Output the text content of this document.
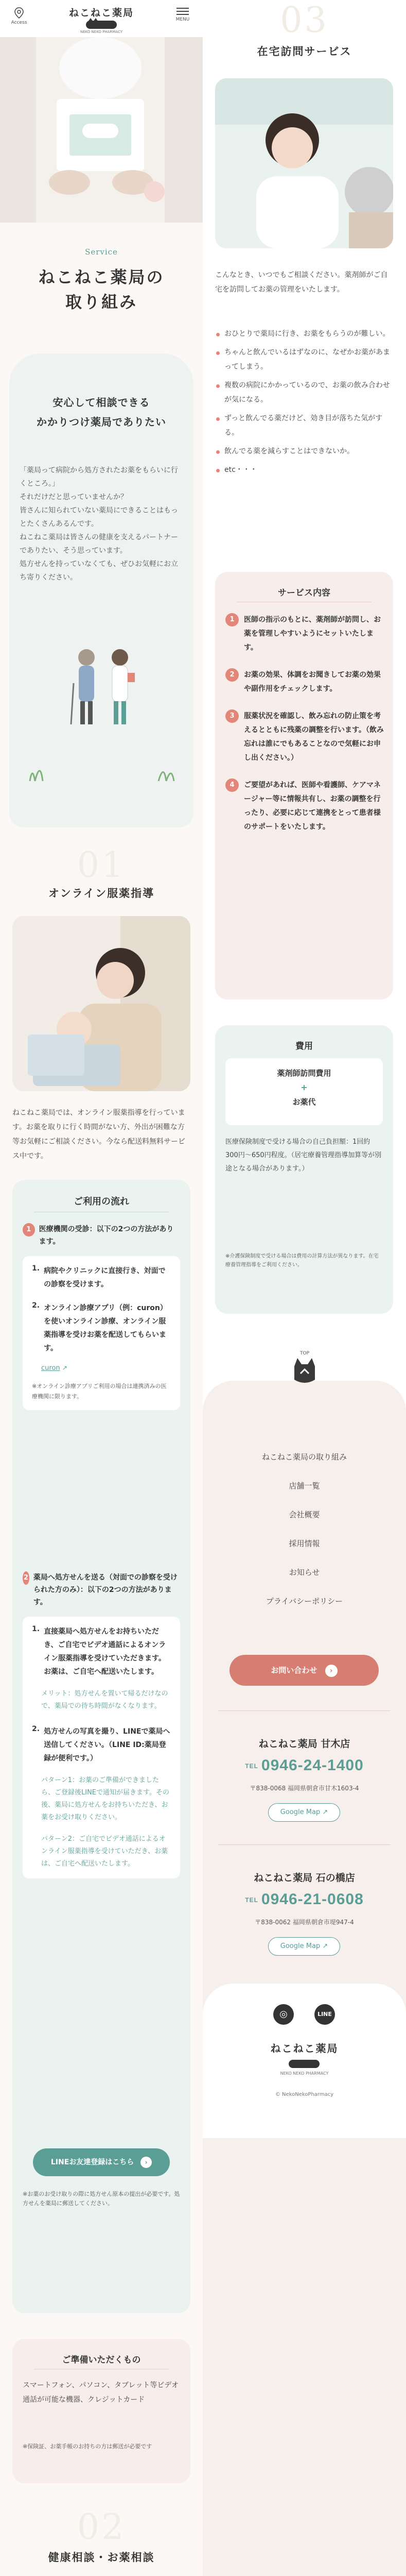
Access
ねこねこ薬局
NEKO NEKO PHARMACY
MENU
Service
ねこねこ薬局の
取り組み
安心して相談できる
かかりつけ薬局でありたい

「薬局って病院から処方されたお薬をもらいに行くところ。」

それだけだと思っていませんか？

皆さんに知られていない薬局にできることはもっとたくさんあるんです。

ねこねこ薬局は皆さんの健康を支えるパートナーでありたい、そう思っています。

処方せんを持っていなくても、ぜひお気軽にお立ち寄りください。

01
オンライン服薬指導
ねこねこ薬局では、オンライン服薬指導を行っています。お薬を取りに行く時間がない方、外出が困難な方等お気軽にご相談ください。今なら配送料無料サービス中です。
ご利用の流れ
1	医療機関の受診：以下の2つの方法があります。
1. 病院やクリニックに直接行き、対面での診察を受けます。
2. オンライン診療アプリ（例：curon）を使いオンライン診療、オンライン服薬指導を受けお薬を配送してもらいます。
curon ↗
※オンライン診療アプリご利用の場合は連携済みの医療機関に限ります。
2 薬局へ処方せんを送る（対面での診察を受けられた方のみ）：以下の2つの方法があります。
1. 直接薬局へ処方せんをお持ちいただき、ご自宅でビデオ通話によるオンライン服薬指導を受けていただきます。お薬は、ご自宅へ配送いたします。
メリット：処方せんを置いて帰るだけなので、薬局での待ち時間がなくなります。
2. 処方せんの写真を撮り、LINEで薬局へ送信してください。（LINE ID:薬局登録が便利です。）
パターン1：お薬のご準備ができましたら、ご登録後LINEで通知が届きます。その後、薬局に処方せんをお持ちいただき、お薬をお受け取りください。
パターン2：ご自宅でビデオ通話によるオンライン服薬指導を受けていただき、お薬は、ご自宅へ配送いたします。
LINEお友達登録はこちら ›
※お薬のお受け取りの際に処方せん原本の提出が必要です。処方せんを薬局に郵送してください。
ご準備いただくもの
スマートフォン、パソコン、タブレット等ビデオ通話が可能な機器、クレジットカード
※保険証、お薬手帳のお持ちの方は郵送が必要です
02
健康相談・お薬相談
03
在宅訪問サービス
こんなとき、いつでもご相談ください。薬剤師がご自宅を訪問してお薬の管理をいたします。
おひとりで薬局に行き、お薬をもらうのが難しい。
ちゃんと飲んでいるはずなのに、なぜかお薬があまってしまう。
複数の病院にかかっているので、お薬の飲み合わせが気になる。
ずっと飲んでる薬だけど、効き目が落ちた気がする。
飲んでる薬を減らすことはできないか。
etc・・・
サービス内容
1	医師の指示のもとに、薬剤師が訪問し、お薬を管理しやすいようにセットいたします。
2	お薬の効果、体調をお聞きしてお薬の効果や副作用をチェックします。
3	服薬状況を確認し、飲み忘れの防止策を考えるとともに残薬の調整を行います。（飲み忘れは誰にでもあることなので気軽にお申し出ください。）
4	ご要望があれば、医師や看護師、ケアマネージャー等に情報共有し、お薬の調整を行ったり、必要に応じて連携をとって患者様のサポートをいたします。
費用
薬剤師訪問費用
+
お薬代
医療保険制度で受ける場合の自己負担額：1回約300円〜650円程度。（居宅療養管理指導加算等が別途となる場合があります。）
※介護保険制度で受ける場合は費用の計算方法が異なります。在宅療養管理指導をご利用ください。
TOP
ねこねこ薬局の取り組み
店舗一覧
会社概要
採用情報
お知らせ
プライバシーポリシー
お問い合わせ ›
ねこねこ薬局 甘木店
TEL 0946-24-1400
〒838-0068 福岡県朝倉市甘木1603-4
Google Map ↗
ねこねこ薬局 石の橋店
TEL 0946-21-0608
〒838-0062 福岡県朝倉市堤947-4
Google Map ↗
◎	LINE
ねこねこ薬局
NEKO NEKO PHARMACY
© NekoNekoPharmacy
